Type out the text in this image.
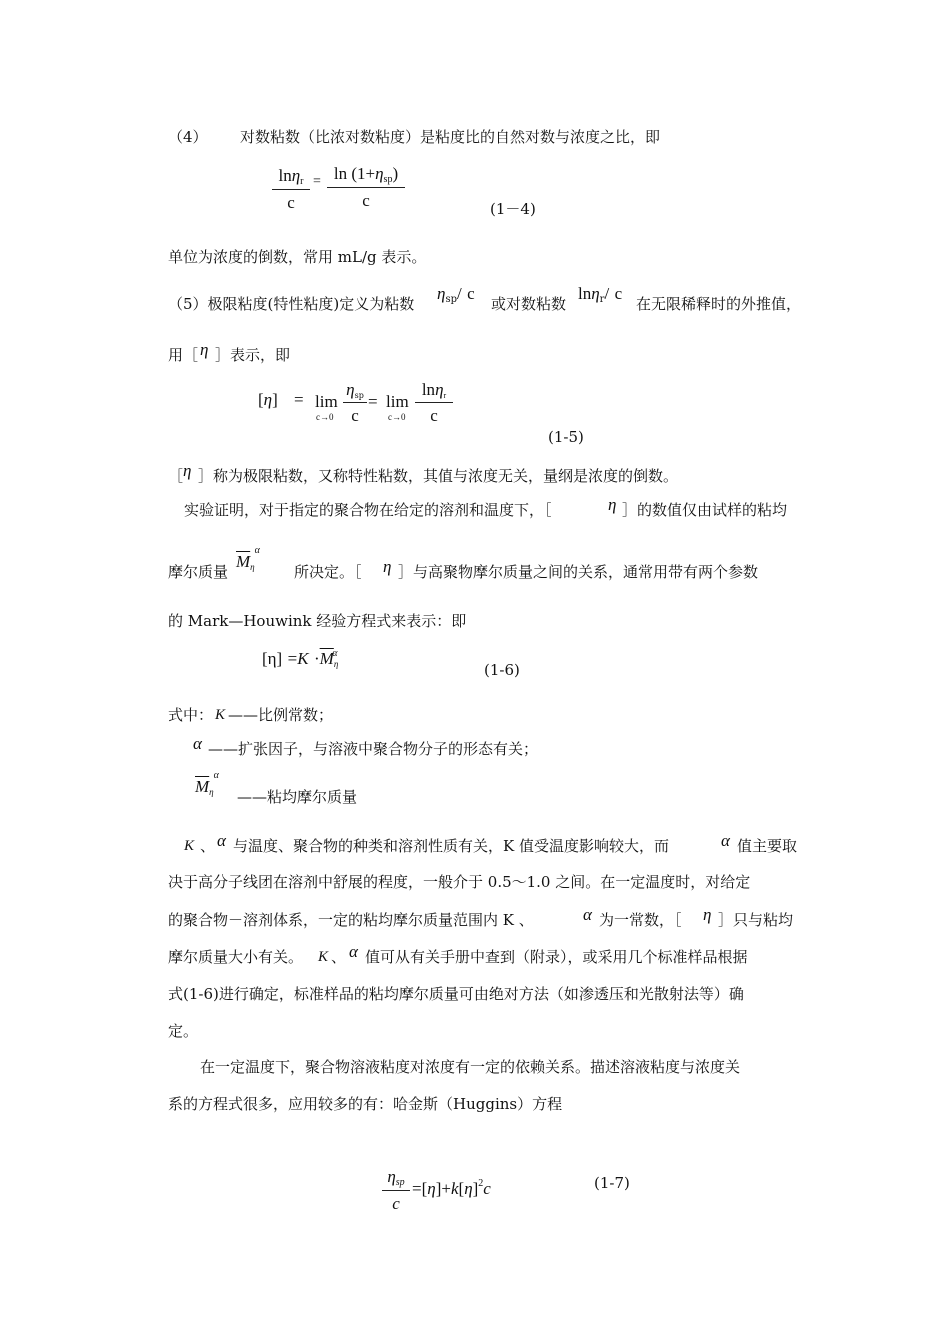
（4） 对数粘数（比浓对数粘度）是粘度比的自然对数与浓度之比，即
lnη$_r$
c
= $\ln (1+\eta_{sp})$
c	(1－4)
单位为浓度的倒数，常用 mL/g 表示。
（5）极限粘度(特性粘度)定义为粘数
$\eta_{sp}/$ c
或对数粘数
lnη$_r$/ c
在无限稀释时的外推值，
用［ η ］表示，即
[η] = lim
c→0
$\eta_{sp}$
c
= lim
c→0
lnη$_r$
c
(1-5)
［ η ］称为极限粘数，又称特性粘数，其值与浓度无关，量纲是浓度的倒数。
实验证明，对于指定的聚合物在给定的溶剂和温度下，［	η ］的数值仅由试样的粘均
摩尔质量
$\overline{M}_\eta^\alpha$
所决定。［ η ］与高聚物摩尔质量之间的关系，通常用带有两个参数
的 Mark—Houwink 经验方程式来表示：即
$[\eta] =K \cdot\overline{M}_\eta^\alpha$
(1-6)
式中： K ——比例常数；
α ——扩张因子，与溶液中聚合物分子的形态有关；
$\overline{M}_\eta^\alpha$
——粘均摩尔质量
K 、 α 与温度、聚合物的种类和溶剂性质有关，K 值受温度影响较大，而	α 值主要取
决于高分子线团在溶剂中舒展的程度，一般介于 0.5～1.0 之间。在一定温度时，对给定
的聚合物－溶剂体系，一定的粘均摩尔质量范围内 K 、	α 为一常数，［ η ］只与粘均
摩尔质量大小有关。 K 、 α 值可从有关手册中查到（附录），或采用几个标准样品根据
式(1-6)进行确定，标准样品的粘均摩尔质量可由绝对方法（如渗透压和光散射法等）确
定。
在一定温度下，聚合物溶液粘度对浓度有一定的依赖关系。描述溶液粘度与浓度关
系的方程式很多，应用较多的有：哈金斯（Huggins）方程
$\eta_{sp}$
c
$=[\eta]+k[\eta]^2c$	(1-7)
